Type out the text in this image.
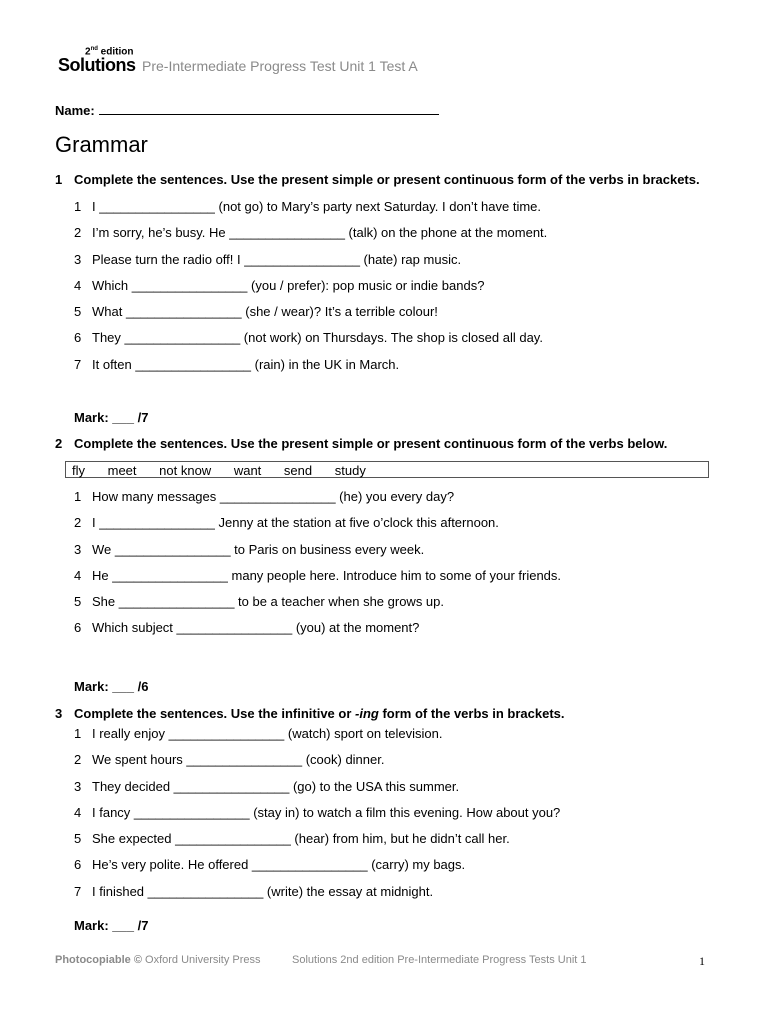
2nd edition
Solutions Pre-Intermediate Progress Test Unit 1 Test A
Name:
Grammar
1 Complete the sentences. Use the present simple or present continuous form of the verbs in brackets.
1 I ________________ (not go) to Mary’s party next Saturday. I don’t have time.
2 I’m sorry, he’s busy. He ________________ (talk) on the phone at the moment.
3 Please turn the radio off! I ________________ (hate) rap music.
4 Which ________________ (you / prefer): pop music or indie bands?
5 What ________________ (she / wear)? It’s a terrible colour!
6 They ________________ (not work) on Thursdays. The shop is closed all day.
7 It often ________________ (rain) in the UK in March.
Mark: ___ /7
2 Complete the sentences. Use the present simple or present continuous form of the verbs below.
fly meet not know want send study
1 How many messages ________________ (he) you every day?
2 I ________________ Jenny at the station at five o’clock this afternoon.
3 We ________________ to Paris on business every week.
4 He ________________ many people here. Introduce him to some of your friends.
5 She ________________ to be a teacher when she grows up.
6 Which subject ________________ (you) at the moment?
Mark: ___ /6
3 Complete the sentences. Use the infinitive or -ing form of the verbs in brackets.
1 I really enjoy ________________ (watch) sport on television.
2 We spent hours ________________ (cook) dinner.
3 They decided ________________ (go) to the USA this summer.
4 I fancy ________________ (stay in) to watch a film this evening. How about you?
5 She expected ________________ (hear) from him, but he didn’t call her.
6 He’s very polite. He offered ________________ (carry) my bags.
7 I finished ________________ (write) the essay at midnight.
Mark: ___ /7
Photocopiable © Oxford University Press	Solutions 2nd edition Pre-Intermediate Progress Tests Unit 1	1
